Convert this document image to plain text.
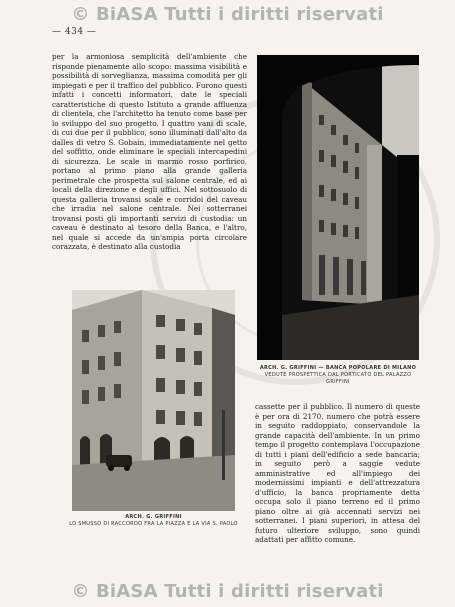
© BiASA Tutti i diritti riservati
— 434 —
per la armoniosa semplicità dell'ambiente che risponde pienamente allo scopo: massima visibilità e possibilità di sorveglianza, massima comodità per gli impiegati e per il traffico del pubblico. Furono questi infatti i concetti informatori, date le speciali caratteristiche di questo Istituto a grande affluenza di clientela, che l'architetto ha tenuto come base per lo sviluppo del suo progetto. I quattro vani di scale, di cui due per il pubblico, sono illuminati dall'alto da dalles di vetro S. Gobain, immediatamente nel getto del soffitto, onde eliminare le speciali intercapedini di sicurezza. Le scale in marmo rosso porfirico, portano al primo piano alla grande galleria perimetrale che prospetta sul salone centrale, ed ai locali della direzione e degli uffici. Nel sottosuolo di questa galleria trovansi scale e corridoi del caveau che irradia nel salone centrale. Nei sotterranei trovansi posti gli importanti servizi di custodia: un caveau è destinato al tesoro della Banca, e l'altro, nel quale si accede da un'ampia porta circolare corazzata, è destinato alla custodia
ARCH. G. GRIFFINI — BANCA POPOLARE DI MILANO
VEDUTE PROSPETTICA DAL PORTICATO DEL PALAZZO GRIFFINI
ARCH. G. GRIFFINI
LO SMUSSO DI RACCORDO FRA LA PIAZZA E LA VIA S. PAOLO
cassette per il pubblico. Il numero di queste è per ora di 2170, numero che potrà essere in seguito raddoppiato, conservandole la grande capacità dell'ambiente. In un primo tempo il progetto contemplava l'occupazione di tutti i piani dell'edificio a sede bancaria; in seguito però a saggie vedute amministrative ed all'impiego dei modernissimi impianti e dell'attrezzatura d'ufficio, la banca propriamente detta occupa solo il piano terreno ed il primo piano oltre ai già accennati servizi nei sotterranei. I piani superiori, in attesa del futuro ulteriore sviluppo, sono quindi adattati per affitto comune.
© BiASA Tutti i diritti riservati
